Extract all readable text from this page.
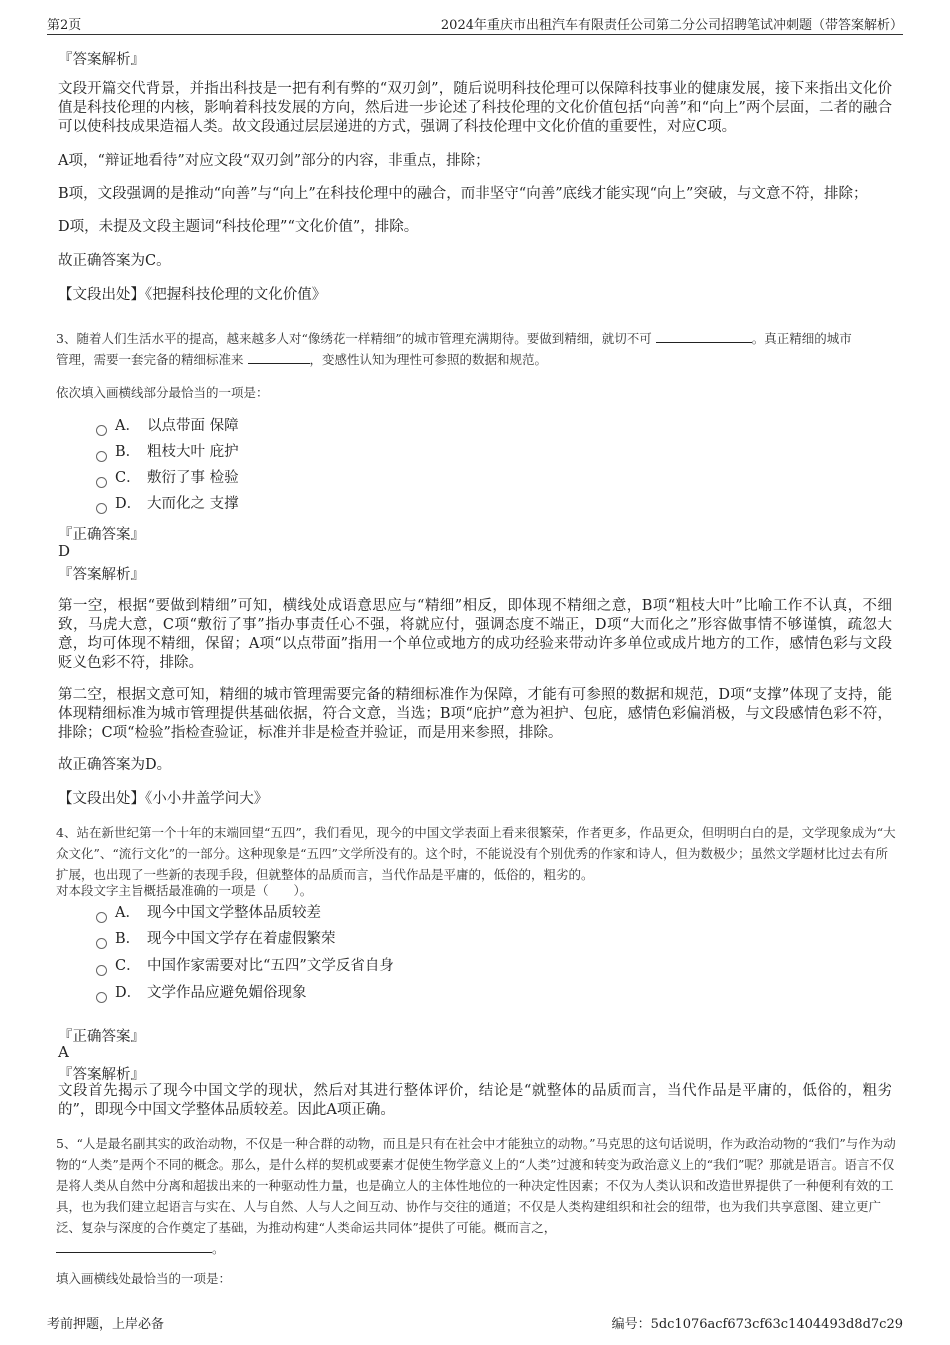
第2页	2024年重庆市出租汽车有限责任公司第二分公司招聘笔试冲刺题（带答案解析）
『答案解析』
文段开篇交代背景，并指出科技是一把有利有弊的“双刃剑”，随后说明科技伦理可以保障科技事业的健康发展，接下来指出文化价值是科技伦理的内核，影响着科技发展的方向，然后进一步论述了科技伦理的文化价值包括“向善”和“向上”两个层面，二者的融合可以使科技成果造福人类。故文段通过层层递进的方式，强调了科技伦理中文化价值的重要性，对应C项。
A项，“辩证地看待”对应文段“双刃剑”部分的内容，非重点，排除；
B项，文段强调的是推动“向善”与“向上”在科技伦理中的融合，而非坚守“向善”底线才能实现“向上”突破，与文意不符，排除；
D项，未提及文段主题词“科技伦理”“文化价值”，排除。
故正确答案为C。
【文段出处】《把握科技伦理的文化价值》
3、随着人们生活水平的提高，越来越多人对“像绣花一样精细”的城市管理充满期待。要做到精细，就切不可	。真正精细的城市
管理，需要一套完备的精细标准来	，变感性认知为理性可参照的数据和规范。
依次填入画横线部分最恰当的一项是：
A． 以点带面 保障
B． 粗枝大叶 庇护
C． 敷衍了事 检验
D． 大而化之 支撑
『正确答案』
D
『答案解析』
第一空，根据“要做到精细”可知，横线处成语意思应与“精细”相反，即体现不精细之意，B项“粗枝大叶”比喻工作不认真，不细致，马虎大意，C项“敷衍了事”指办事责任心不强，将就应付，强调态度不端正，D项“大而化之”形容做事情不够谨慎，疏忽大意，均可体现不精细，保留；A项“以点带面”指用一个单位或地方的成功经验来带动许多单位或成片地方的工作，感情色彩与文段贬义色彩不符，排除。
第二空，根据文意可知，精细的城市管理需要完备的精细标准作为保障，才能有可参照的数据和规范，D项“支撑”体现了支持，能体现精细标准为城市管理提供基础依据，符合文意，当选；B项“庇护”意为袒护、包庇，感情色彩偏消极，与文段感情色彩不符，排除；C项“检验”指检查验证，标准并非是检查并验证，而是用来参照，排除。
故正确答案为D。
【文段出处】《小小井盖学问大》
4、站在新世纪第一个十年的末端回望“五四”，我们看见，现今的中国文学表面上看来很繁荣，作者更多，作品更众，但明明白白的是，文学现象成为“大众文化”、“流行文化”的一部分。这种现象是“五四”文学所没有的。这个时，不能说没有个别优秀的作家和诗人，但为数极少；虽然文学题材比过去有所扩展，也出现了一些新的表现手段，但就整体的品质而言，当代作品是平庸的，低俗的，粗劣的。
对本段文字主旨概括最准确的一项是（　　）。
A． 现今中国文学整体品质较差
B． 现今中国文学存在着虚假繁荣
C． 中国作家需要对比“五四”文学反省自身
D． 文学作品应避免媚俗现象
『正确答案』
A
『答案解析』
文段首先揭示了现今中国文学的现状，然后对其进行整体评价，结论是“就整体的品质而言，当代作品是平庸的，低俗的，粗劣的”，即现今中国文学整体品质较差。因此A项正确。
5、“人是最名副其实的政治动物，不仅是一种合群的动物，而且是只有在社会中才能独立的动物。”马克思的这句话说明，作为政治动物的“我们”与作为动物的“人类”是两个不同的概念。那么，是什么样的契机或要素才促使生物学意义上的“人类”过渡和转变为政治意义上的“我们”呢？那就是语言。语言不仅是将人类从自然中分离和超拔出来的一种驱动性力量，也是确立人的主体性地位的一种决定性因素；不仅为人类认识和改造世界提供了一种便利有效的工具，也为我们建立起语言与实在、人与自然、人与人之间互动、协作与交往的通道；不仅是人类构建组织和社会的纽带，也为我们共享意图、建立更广泛、复杂与深度的合作奠定了基础，为推动构建“人类命运共同体”提供了可能。概而言之，
。
填入画横线处最恰当的一项是：
考前押题，上岸必备	编号：5dc1076acf673cf63c1404493d8d7c29
